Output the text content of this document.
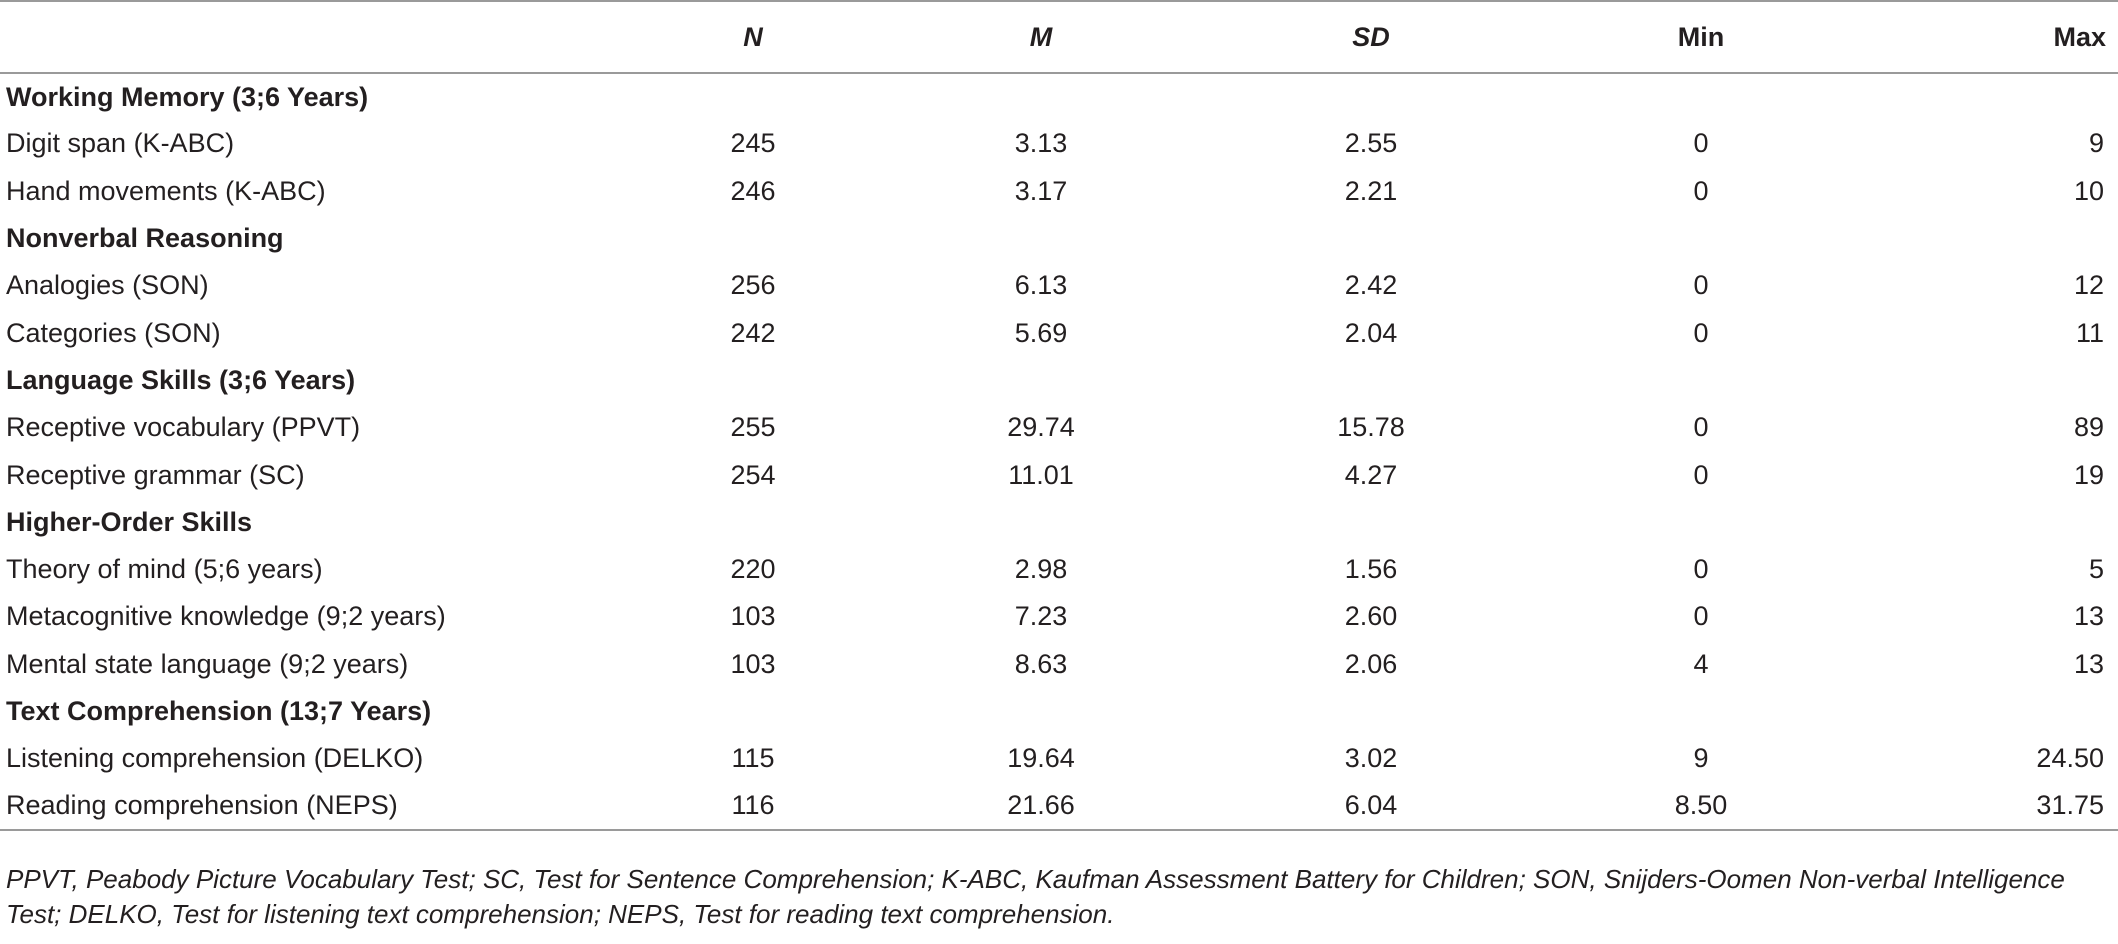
	N	M	SD	Min	Max
Working Memory (3;6 Years)					
Digit span (K-ABC)	245	3.13	2.55	0	9
Hand movements (K-ABC)	246	3.17	2.21	0	10
Nonverbal Reasoning					
Analogies (SON)	256	6.13	2.42	0	12
Categories (SON)	242	5.69	2.04	0	11
Language Skills (3;6 Years)					
Receptive vocabulary (PPVT)	255	29.74	15.78	0	89
Receptive grammar (SC)	254	11.01	4.27	0	19
Higher-Order Skills					
Theory of mind (5;6 years)	220	2.98	1.56	0	5
Metacognitive knowledge (9;2 years)	103	7.23	2.60	0	13
Mental state language (9;2 years)	103	8.63	2.06	4	13
Text Comprehension (13;7 Years)					
Listening comprehension (DELKO)	115	19.64	3.02	9	24.50
Reading comprehension (NEPS)	116	21.66	6.04	8.50	31.75
PPVT, Peabody Picture Vocabulary Test; SC, Test for Sentence Comprehension; K-ABC, Kaufman Assessment Battery for Children; SON, Snijders-Oomen Non-verbal Intelligence Test; DELKO, Test for listening text comprehension; NEPS, Test for reading text comprehension.
